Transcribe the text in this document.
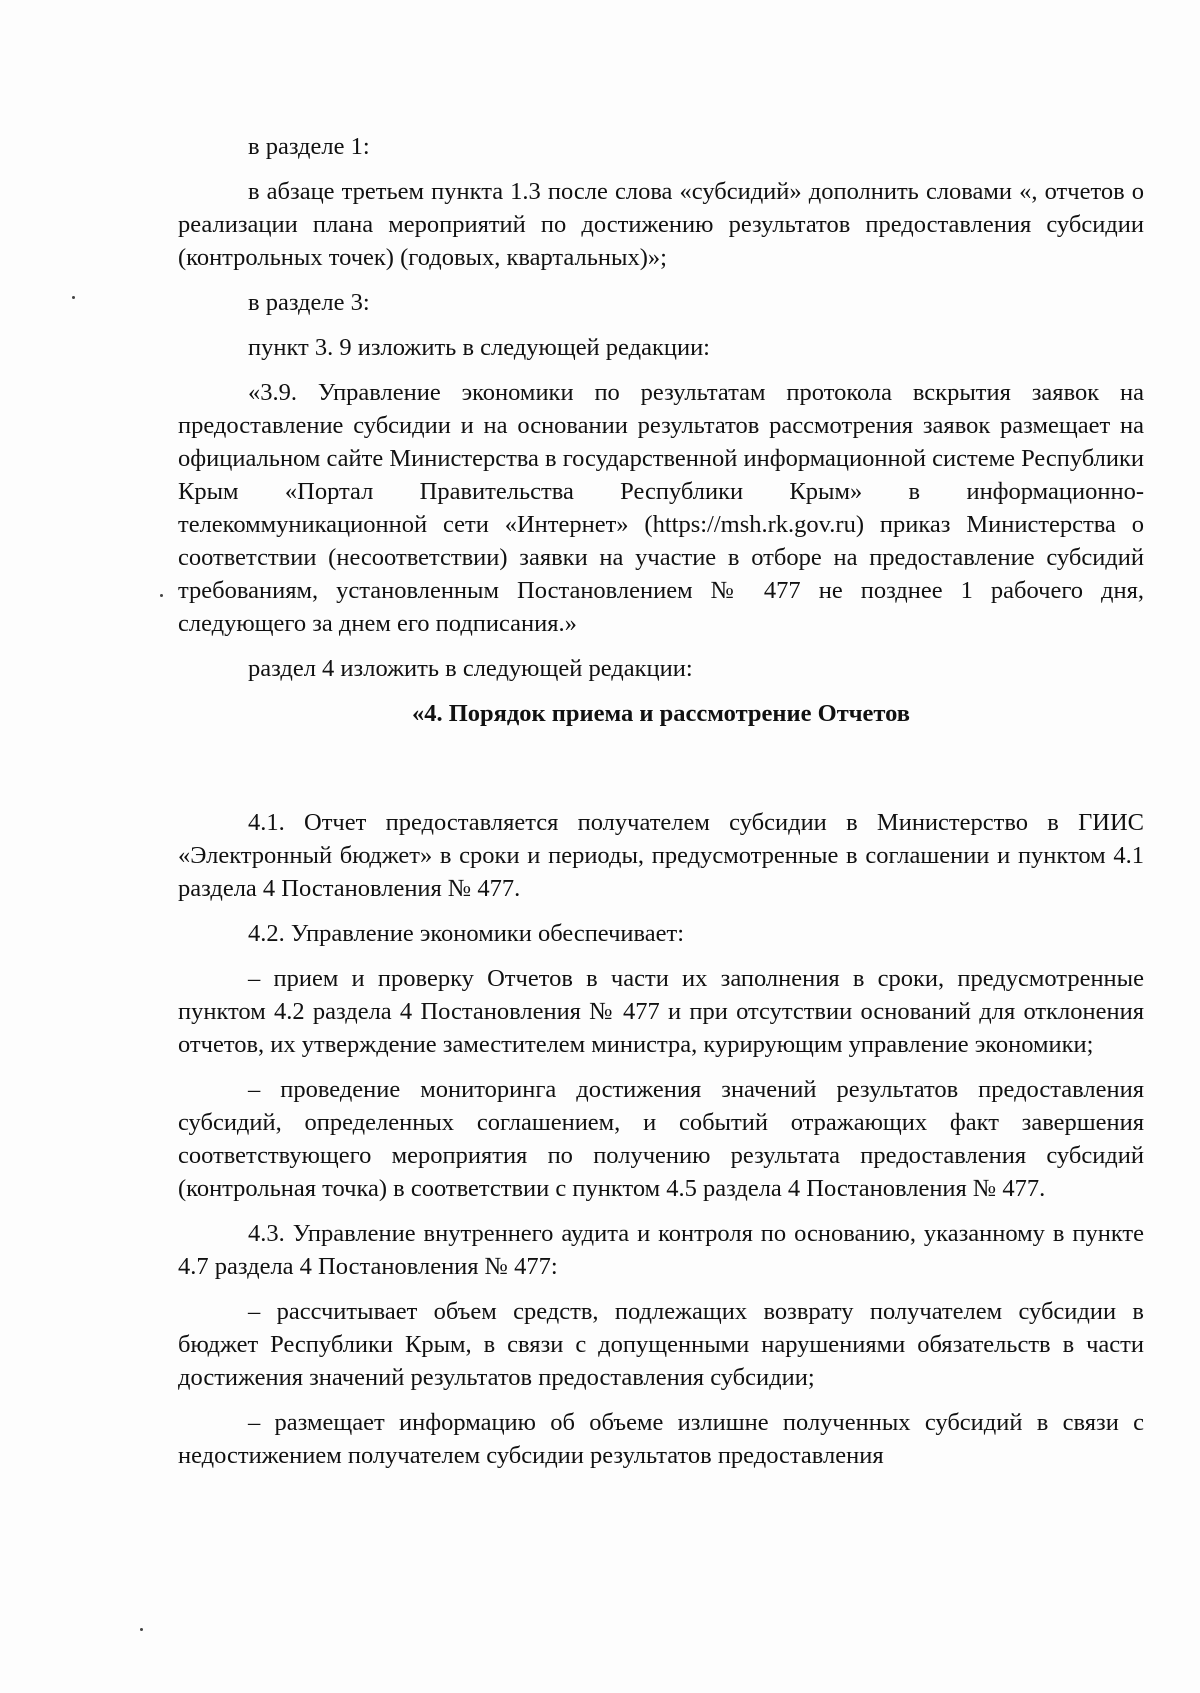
в разделе 1:

в абзаце третьем пункта 1.3 после слова «субсидий» дополнить словами «, отчетов о реализации плана мероприятий по достижению результатов предоставления субсидии (контрольных точек) (годовых, квартальных)»;

в разделе 3:

пункт 3. 9 изложить в следующей редакции:

«3.9. Управление экономики по результатам протокола вскрытия заявок на предоставление субсидии и на основании результатов рассмотрения заявок размещает на официальном сайте Министерства в государственной информационной системе Республики Крым «Портал Правительства Республики Крым» в информационно-телекоммуникационной сети «Интернет» (https://msh.rk.gov.ru) приказ Министерства о соответствии (несоответствии) заявки на участие в отборе на предоставление субсидий требованиям, установленным Постановлением № 477 не позднее 1 рабочего дня, следующего за днем его подписания.»

раздел 4 изложить в следующей редакции:

«4. Порядок приема и рассмотрение Отчетов

4.1. Отчет предоставляется получателем субсидии в Министерство в ГИИС «Электронный бюджет» в сроки и периоды, предусмотренные в соглашении и пунктом 4.1 раздела 4 Постановления № 477.

4.2. Управление экономики обеспечивает:

– прием и проверку Отчетов в части их заполнения в сроки, предусмотренные пунктом 4.2 раздела 4 Постановления № 477 и при отсутствии оснований для отклонения отчетов, их утверждение заместителем министра, курирующим управление экономики;

– проведение мониторинга достижения значений результатов предоставления субсидий, определенных соглашением, и событий отражающих факт завершения соответствующего мероприятия по получению результата предоставления субсидий (контрольная точка) в соответствии с пунктом 4.5 раздела 4 Постановления № 477.

4.3. Управление внутреннего аудита и контроля по основанию, указанному в пункте 4.7 раздела 4 Постановления № 477:

– рассчитывает объем средств, подлежащих возврату получателем субсидии в бюджет Республики Крым, в связи с допущенными нарушениями обязательств в части достижения значений результатов предоставления субсидии;

– размещает информацию об объеме излишне полученных субсидий в связи с недостижением получателем субсидии результатов предоставления
